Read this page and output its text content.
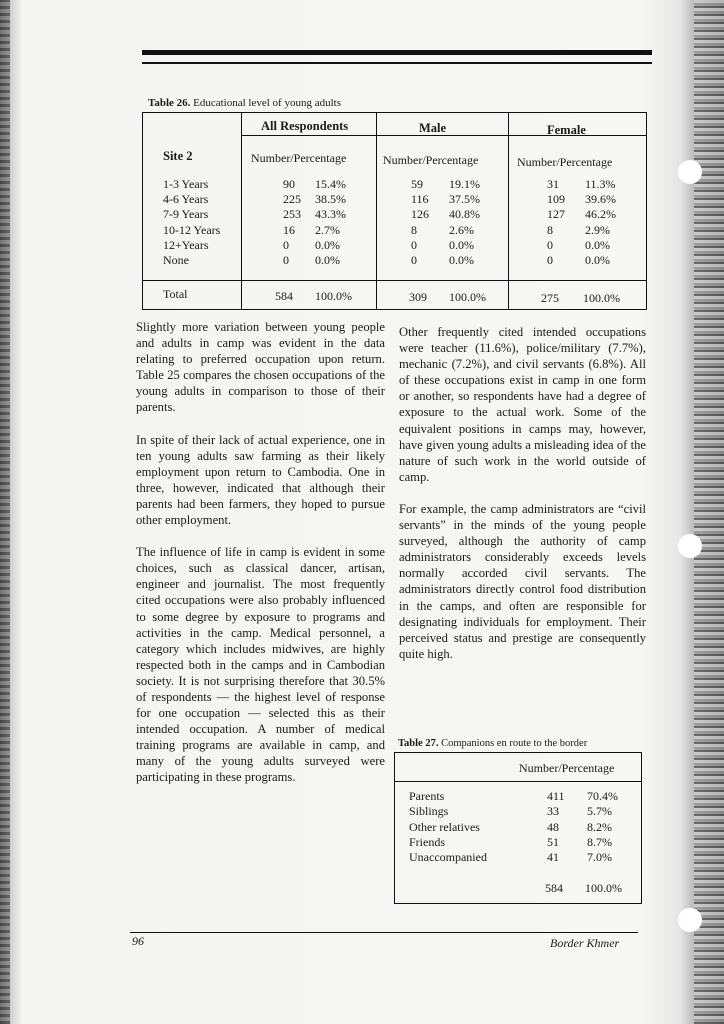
Table 26. Educational level of young adults
All Respondents	Male	Female
Site 2	Number/Percentage	Number/Percentage	Number/Percentage
1-3 Years	90 15.4%	59 19.1%	31 11.3%
4-6 Years	225 38.5%	116 37.5%	109 39.6%
7-9 Years	253 43.3%	126 40.8%	127 46.2%
10-12 Years	16 2.7%	8	2.6%	8	2.9%
12+Years	0 0.0%	0	0.0%	0	0.0%
None	0 0.0%	0	0.0%	0	0.0%
Total	584 100.0%	309 100.0%	275 100.0%

Slightly more variation between young people and adults in camp was evident in the data relating to preferred occupation upon return. Table 25 compares the chosen occupations of the young adults in comparison to those of their parents.

In spite of their lack of actual experience, one in ten young adults saw farming as their likely employment upon return to Cambodia. One in three, however, indicated that although their parents had been farmers, they hoped to pursue other employment.

The influence of life in camp is evident in some choices, such as classical dancer, artisan, engineer and journalist. The most frequently cited occupations were also probably influenced to some degree by exposure to programs and activities in the camp. Medical personnel, a category which includes midwives, are highly respected both in the camps and in Cambodian society. It is not surprising therefore that 30.5% of respondents — the highest level of response for one occupation — selected this as their intended occupation. A number of medical training programs are available in camp, and many of the young adults surveyed were participating in these programs.

Other frequently cited intended occupations were teacher (11.6%), police/military (7.7%), mechanic (7.2%), and civil servants (6.8%). All of these occupations exist in camp in one form or another, so respondents have had a degree of exposure to the actual work. Some of the equivalent positions in camps may, however, have given young adults a misleading idea of the nature of such work in the world outside of camp.

For example, the camp administrators are “civil servants” in the minds of the young people surveyed, although the authority of camp administrators considerably exceeds levels normally accorded civil servants. The administrators directly control food distribution in the camps, and often are responsible for designating individuals for employment. Their perceived status and prestige are consequently quite high.

Table 27. Companions en route to the border
Number/Percentage
Parents	411 70.4%
Siblings	33 5.7%
Other relatives	48 8.2%
Friends	51 8.7%
Unaccompanied	41 7.0%
584 100.0%
96	Border Khmer
